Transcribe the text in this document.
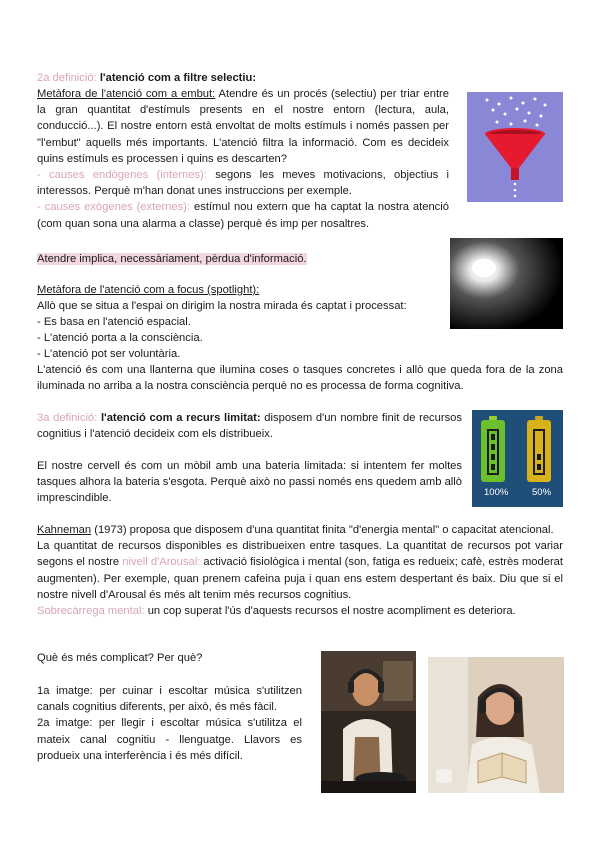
2a definició: l'atenció com a filtre selectiu:

Metàfora de l'atenció com a embut: Atendre és un procés (selectiu) per triar entre la gran quantitat d'estímuls presents en el nostre entorn (lectura, aula, conducció...). El nostre entorn està envoltat de molts estímuls i només passen per "l'embut" aquells més importants. L'atenció filtra la informació. Com es decideix quins estímuls es processen i quins es descarten?
- causes endògenes (internes): segons les meves motivacions, objectius i interessos. Perquè m'han donat unes instruccions per exemple.
- causes exògenes (externes): estímul nou extern que ha captat la nostra atenció (com quan sona una alarma a classe) perquè és imp per nosaltres.

Atendre implica, necessàriament, pèrdua d'informació.

Metàfora de l'atenció com a focus (spotlight):

Allò que se situa a l'espai on dirigim la nostra mirada és captat i processat:

- Es basa en l'atenció espacial.

- L'atenció porta a la consciència.

- L'atenció pot ser voluntària.

L'atenció és com una llanterna que ilumina coses o tasques concretes i allò que queda fora de la zona iluminada no arriba a la nostra consciència perquè no es processa de forma cognitiva.

3a definició: l'atenció com a recurs limitat: disposem d'un nombre finit de recursos cognitius i l'atenció decideix com els distribueix.

El nostre cervell és com un mòbil amb una bateria limitada: si intentem fer moltes tasques alhora la bateria s'esgota. Perquè això no passi només ens quedem amb allò imprescindible.	100% 50%

Kahneman (1973) proposa que disposem d'una quantitat finita "d'energia mental" o capacitat atencional.
La quantitat de recursos disponibles es distribueixen entre tasques. La quantitat de recursos pot variar segons el nostre nivell d'Arousal: activació fisiològica i mental (son, fatiga es redueix; cafè, estrès moderat augmenten). Per exemple, quan prenem cafeina puja i quan ens estem despertant és baix. Diu que si el nostre nivell d'Arousal és més alt tenim més recursos cognitius.
Sobrecàrrega mental: un cop superat l'ús d'aquests recursos el nostre acompliment es deteriora.

Què és més complicat? Per què?

1a imatge: per cuinar i escoltar música s'utilitzen canals cognitius diferents, per això, és més fàcil.
2a imatge: per llegir i escoltar música s'utilitza el mateix canal cognitiu - llenguatge. Llavors es produeix una interferència i és més difícil.
